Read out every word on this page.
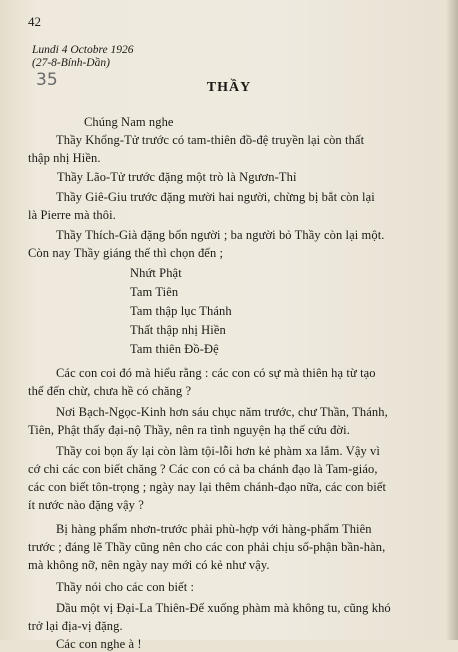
42
Lundi 4 Octobre 1926
(27-8-Bính-Dần)
35	THẦY
Chúng Nam nghe
Thầy Khổng-Tử trước có tam-thiên đồ-đệ truyền lại còn thất
thập nhị Hiền.
Thầy Lão-Tử trước đặng một trò là Ngươn-Thỉ
Thầy Giê-Giu trước đặng mười hai người, chừng bị bắt còn lại
là Pierre mà thôi.
Thầy Thích-Già đặng bốn người ; ba người bỏ Thầy còn lại một.
Còn nay Thầy giáng thế thì chọn đến ;
Nhứt Phật
Tam Tiên
Tam thập lục Thánh
Thất thập nhị Hiền
Tam thiên Đồ-Đệ
Các con coi đó mà hiểu rằng : các con có sự mà thiên hạ từ tạo
thế đến chừ, chưa hề có chăng ?
Nơi Bạch-Ngọc-Kinh hơn sáu chục năm trước, chư Thần, Thánh,
Tiên, Phật thấy đại-nộ Thầy, nên ra tình nguyện hạ thế cứu đời.
Thầy coi bọn ấy lại còn làm tội-lỗi hơn kẻ phàm xa lắm. Vậy vì
cớ chi các con biết chăng ? Các con có cả ba chánh đạo là Tam-giáo,
các con biết tôn-trọng ; ngày nay lại thêm chánh-đạo nữa, các con biết
ít nước nào đặng vậy ?
Bị hàng phẩm nhơn-trước phải phù-hợp với hàng-phẩm Thiên
trước ; đáng lẽ Thầy cũng nên cho các con phải chịu số-phận bần-hàn,
mà không nỡ, nên ngày nay mới có kẻ như vậy.
Thầy nói cho các con biết :
Dầu một vị Đại-La Thiên-Đế xuống phàm mà không tu, cũng khó
trở lại địa-vị đặng.
Các con nghe à !
